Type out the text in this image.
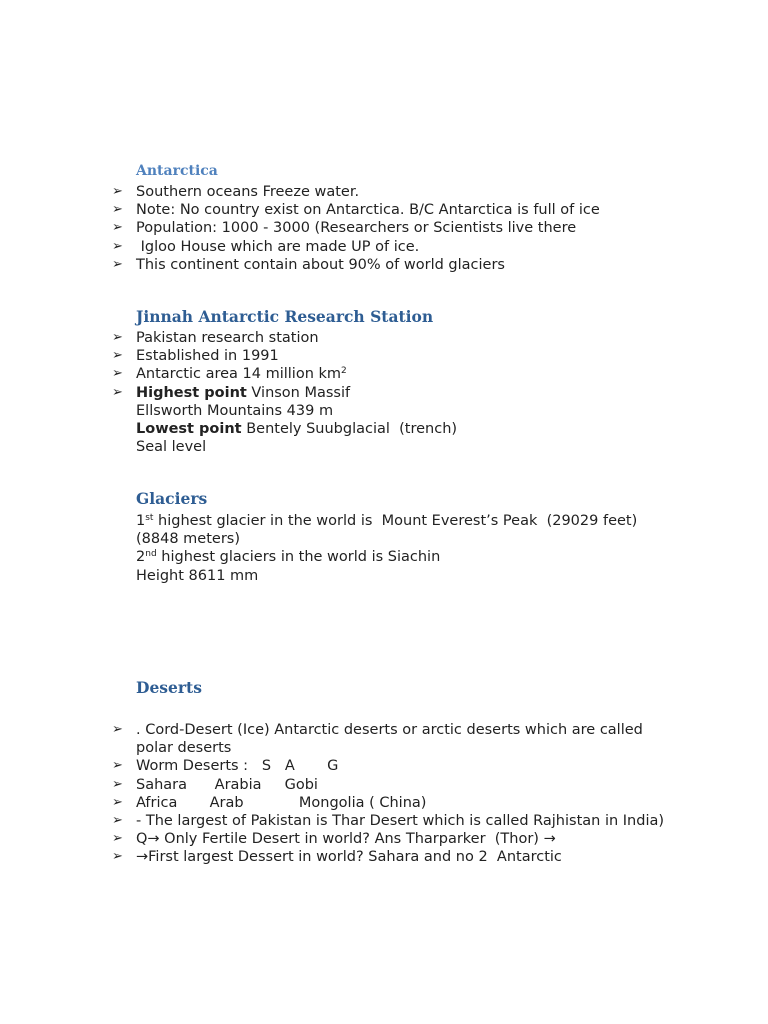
Antarctica
➢ Southern oceans Freeze water.
➢ Note: No country exist on Antarctica. B/C Antarctica is full of ice
➢ Population: 1000 - 3000 (Researchers or Scientists live there
➢ Igloo House which are made UP of ice.
➢ This continent contain about 90% of world glaciers
Jinnah Antarctic Research Station
➢ Pakistan research station
➢ Established in 1991
➢ Antarctic area 14 million $km^2$
➢ Highest point Vinson Massif
Ellsworth Mountains 439 m
Lowest point Bentely Suubglacial  (trench)
Seal level
Glaciers
1st highest glacier in the world is  Mount Everest’s Peak  (29029 feet)
(8848 meters)
2nd highest glaciers in the world is Siachin
Height 8611 mm
Deserts
➢ . Cord-Desert (Ice) Antarctic deserts or arctic deserts which are called polar deserts
➢ Worm Deserts :   S   A       G
➢ Sahara      Arabia     Gobi
➢ Africa       Arab            Mongolia ( China)
➢ - The largest of Pakistan is Thar Desert which is called Rajhistan in India)
➢ Q→ Only Fertile Desert in world? Ans Tharparker  (Thor) →
➢ →First largest Dessert in world? Sahara and no 2  Antarctic
